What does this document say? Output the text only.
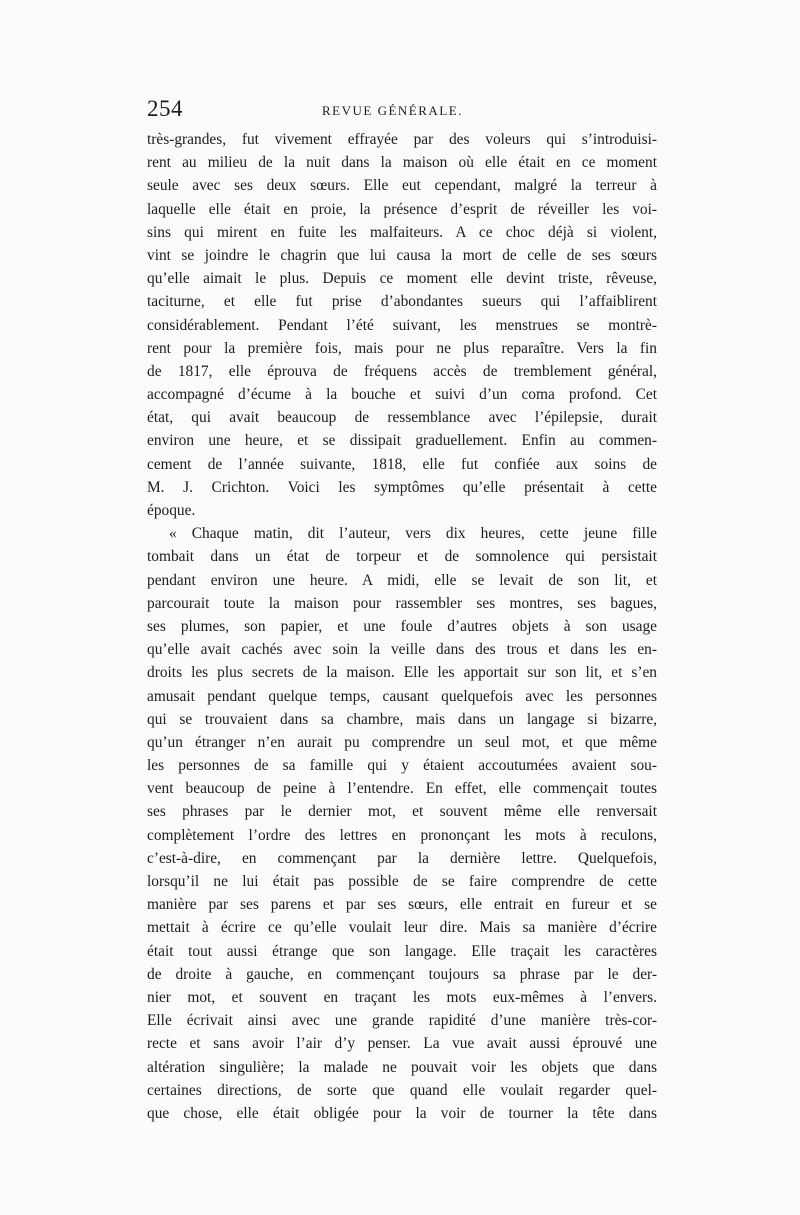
254	REVUE GÉNÉRALE.
très-grandes, fut vivement effrayée par des voleurs qui s’introduisi-
rent au milieu de la nuit dans la maison où elle était en ce moment
seule avec ses deux sœurs. Elle eut cependant, malgré la terreur à
laquelle elle était en proie, la présence d’esprit de réveiller les voi-
sins qui mirent en fuite les malfaiteurs. A ce choc déjà si violent,
vint se joindre le chagrin que lui causa la mort de celle de ses sœurs
qu’elle aimait le plus. Depuis ce moment elle devint triste, rêveuse,
taciturne, et elle fut prise d’abondantes sueurs qui l’affaiblirent
considérablement. Pendant l’été suivant, les menstrues se montrè-
rent pour la première fois, mais pour ne plus reparaître. Vers la fin
de 1817, elle éprouva de fréquens accès de tremblement général,
accompagné d’écume à la bouche et suivi d’un coma profond. Cet
état, qui avait beaucoup de ressemblance avec l’épilepsie, durait
environ une heure, et se dissipait graduellement. Enfin au commen-
cement de l’année suivante, 1818, elle fut confiée aux soins de
M. J. Crichton. Voici les symptômes qu’elle présentait à cette
époque.
« Chaque matin, dit l’auteur, vers dix heures, cette jeune fille
tombait dans un état de torpeur et de somnolence qui persistait
pendant environ une heure. A midi, elle se levait de son lit, et
parcourait toute la maison pour rassembler ses montres, ses bagues,
ses plumes, son papier, et une foule d’autres objets à son usage
qu’elle avait cachés avec soin la veille dans des trous et dans les en-
droits les plus secrets de la maison. Elle les apportait sur son lit, et s’en
amusait pendant quelque temps, causant quelquefois avec les personnes
qui se trouvaient dans sa chambre, mais dans un langage si bizarre,
qu’un étranger n’en aurait pu comprendre un seul mot, et que même
les personnes de sa famille qui y étaient accoutumées avaient sou-
vent beaucoup de peine à l’entendre. En effet, elle commençait toutes
ses phrases par le dernier mot, et souvent même elle renversait
complètement l’ordre des lettres en prononçant les mots à reculons,
c’est-à-dire, en commençant par la dernière lettre. Quelquefois,
lorsqu’il ne lui était pas possible de se faire comprendre de cette
manière par ses parens et par ses sœurs, elle entrait en fureur et se
mettait à écrire ce qu’elle voulait leur dire. Mais sa manière d’écrire
était tout aussi étrange que son langage. Elle traçait les caractères
de droite à gauche, en commençant toujours sa phrase par le der-
nier mot, et souvent en traçant les mots eux-mêmes à l’envers.
Elle écrivait ainsi avec une grande rapidité d’une manière très-cor-
recte et sans avoir l’air d’y penser. La vue avait aussi éprouvé une
altération singulière; la malade ne pouvait voir les objets que dans
certaines directions, de sorte que quand elle voulait regarder quel-
que chose, elle était obligée pour la voir de tourner la tête dans
